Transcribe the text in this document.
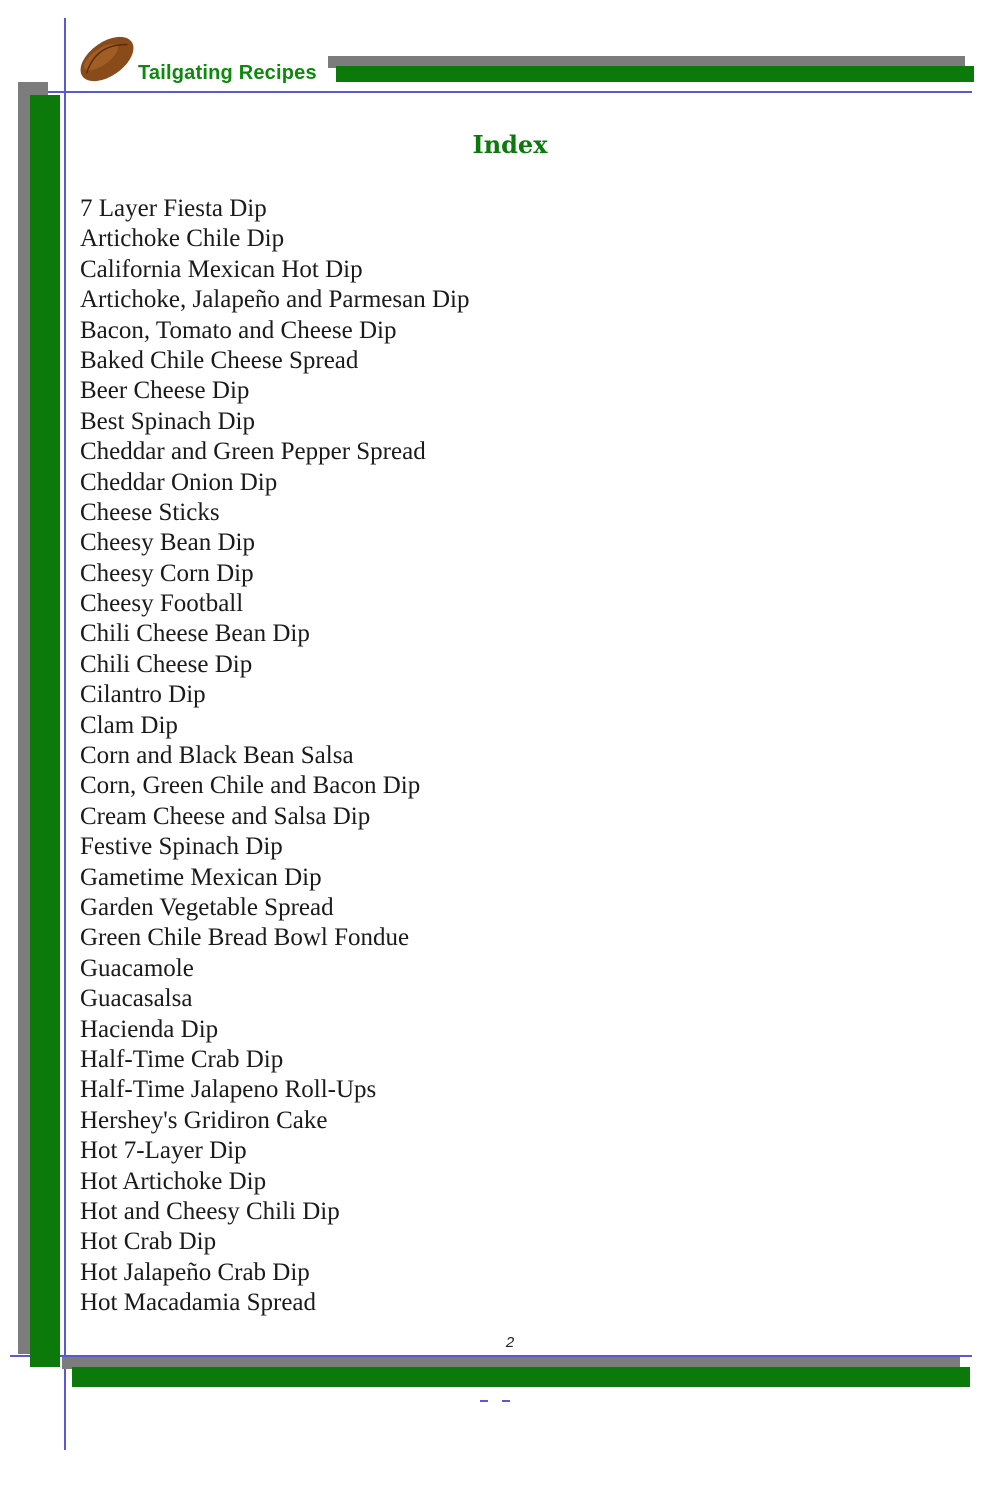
Tailgating Recipes
Index
7 Layer Fiesta Dip
Artichoke Chile Dip
California Mexican Hot Dip
Artichoke, Jalapeño and Parmesan Dip
Bacon, Tomato and Cheese Dip
Baked Chile Cheese Spread
Beer Cheese Dip
Best Spinach Dip
Cheddar and Green Pepper Spread
Cheddar Onion Dip
Cheese Sticks
Cheesy Bean Dip
Cheesy Corn Dip
Cheesy Football
Chili Cheese Bean Dip
Chili Cheese Dip
Cilantro Dip
Clam Dip
Corn and Black Bean Salsa
Corn, Green Chile and Bacon Dip
Cream Cheese and Salsa Dip
Festive Spinach Dip
Gametime Mexican Dip
Garden Vegetable Spread
Green Chile Bread Bowl Fondue
Guacamole
Guacasalsa
Hacienda Dip
Half-Time Crab Dip
Half-Time Jalapeno Roll-Ups
Hershey's Gridiron Cake
Hot 7-Layer Dip
Hot Artichoke Dip
Hot and Cheesy Chili Dip
Hot Crab Dip
Hot Jalapeño Crab Dip
Hot Macadamia Spread
2
